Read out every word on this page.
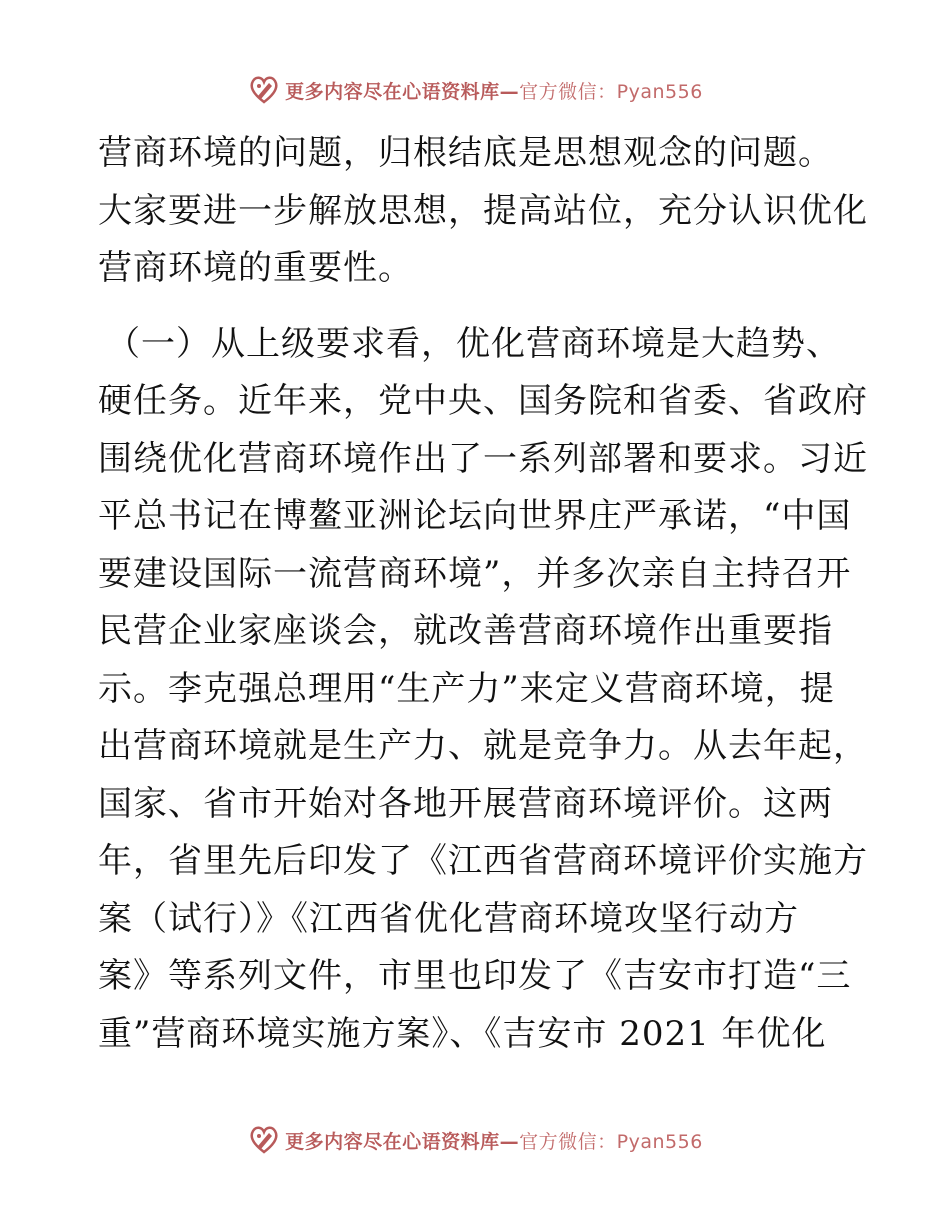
更多内容尽在心语资料库—官方微信：Pyan556
营商环境的问题，归根结底是思想观念的问题。
大家要进一步解放思想，提高站位，充分认识优化
营商环境的重要性。
（一）从上级要求看，优化营商环境是大趋势、
硬任务。近年来，党中央、国务院和省委、省政府
围绕优化营商环境作出了一系列部署和要求。习近
平总书记在博鳌亚洲论坛向世界庄严承诺，“中国
要建设国际一流营商环境”，并多次亲自主持召开
民营企业家座谈会，就改善营商环境作出重要指
示。李克强总理用“生产力”来定义营商环境，提
出营商环境就是生产力、就是竞争力。从去年起，
国家、省市开始对各地开展营商环境评价。这两
年，省里先后印发了《江西省营商环境评价实施方
案（试行）》《江西省优化营商环境攻坚行动方
案》等系列文件，市里也印发了《吉安市打造“三
重”营商环境实施方案》、《吉安市 2021 年优化
更多内容尽在心语资料库—官方微信：Pyan556
